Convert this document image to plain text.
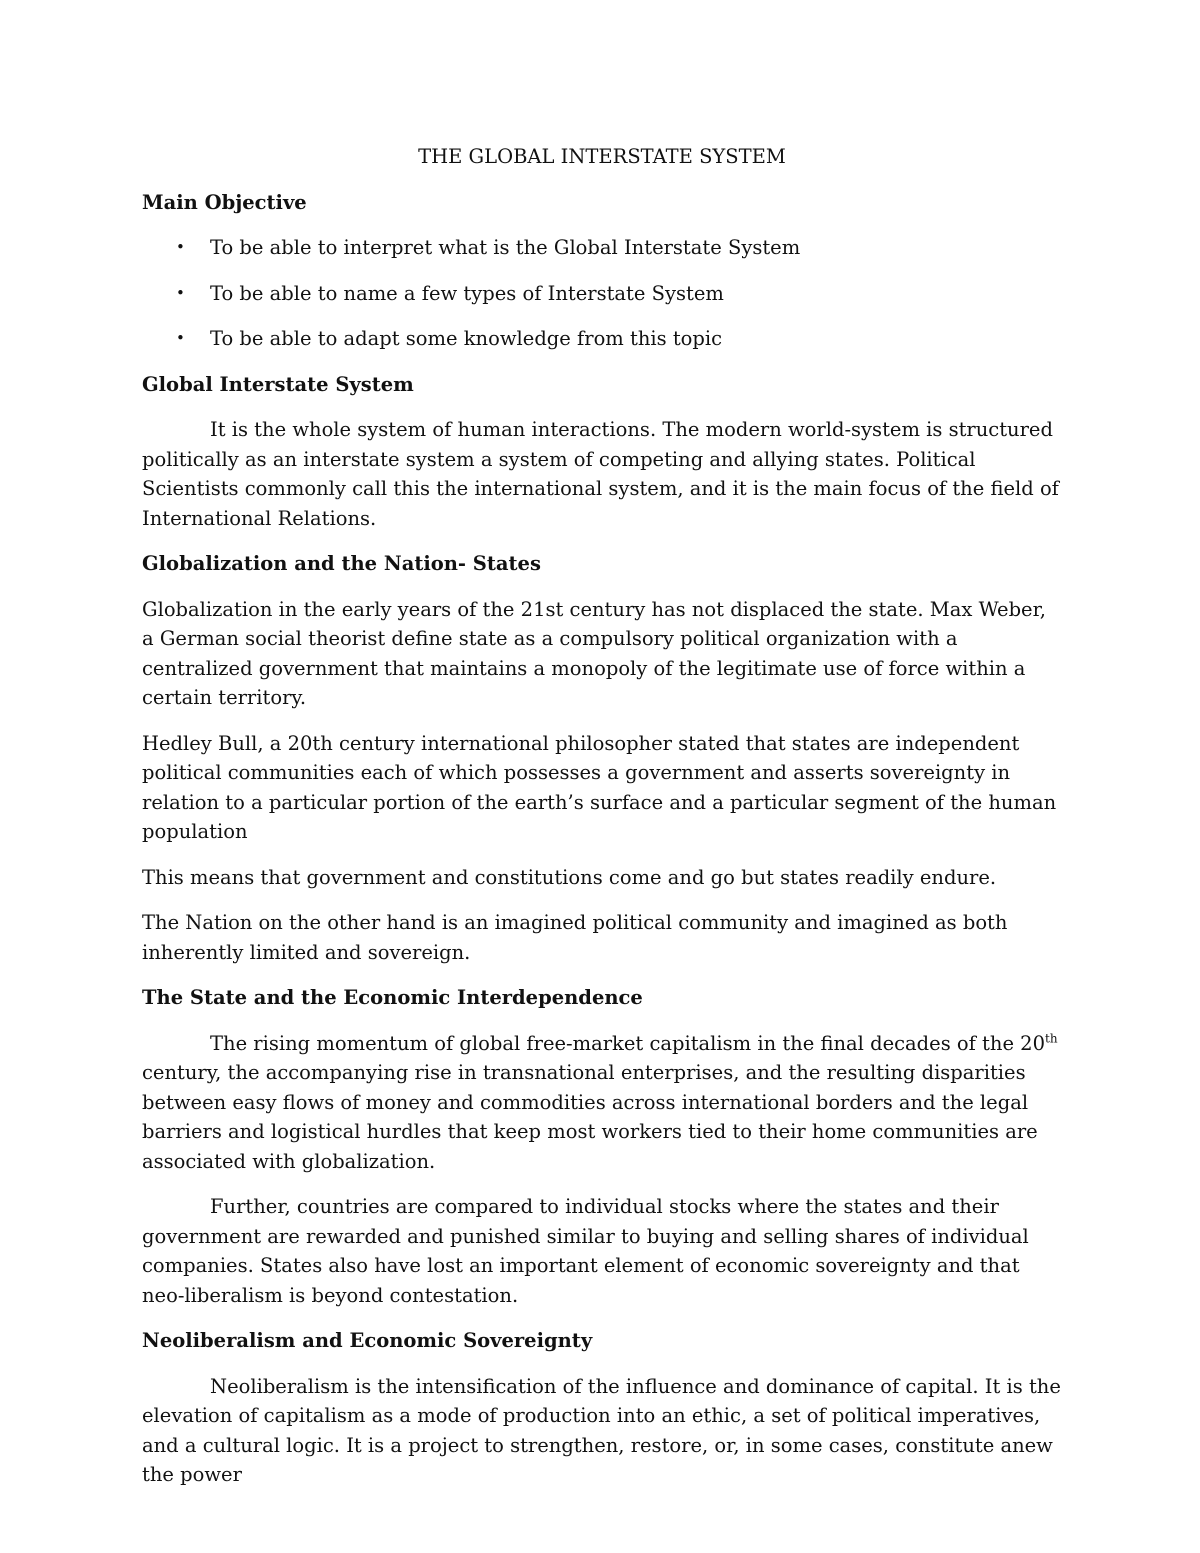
THE GLOBAL INTERSTATE SYSTEM
Main Objective
• To be able to interpret what is the Global Interstate System
• To be able to name a few types of Interstate System
• To be able to adapt some knowledge from this topic
Global Interstate System

It is the whole system of human interactions. The modern world-system is structured politically as an interstate system a system of competing and allying states. Political Scientists commonly call this the international system, and it is the main focus of the field of International Relations.

Globalization and the Nation- States

Globalization in the early years of the 21st century has not displaced the state. Max Weber, a German social theorist define state as a compulsory political organization with a centralized government that maintains a monopoly of the legitimate use of force within a certain territory.

Hedley Bull, a 20th century international philosopher stated that states are independent political communities each of which possesses a government and asserts sovereignty in relation to a particular portion of the earth’s surface and a particular segment of the human population

This means that government and constitutions come and go but states readily endure.

The Nation on the other hand is an imagined political community and imagined as both inherently limited and sovereign.

The State and the Economic Interdependence

The rising momentum of global free-market capitalism in the final decades of the 20th century, the accompanying rise in transnational enterprises, and the resulting disparities between easy flows of money and commodities across international borders and the legal barriers and logistical hurdles that keep most workers tied to their home communities are associated with globalization.

Further, countries are compared to individual stocks where the states and their government are rewarded and punished similar to buying and selling shares of individual companies. States also have lost an important element of economic sovereignty and that neo-liberalism is beyond contestation.

Neoliberalism and Economic Sovereignty

Neoliberalism is the intensification of the influence and dominance of capital. It is the elevation of capitalism as a mode of production into an ethic, a set of political imperatives, and a cultural logic. It is a project to strengthen, restore, or, in some cases, constitute anew the power
